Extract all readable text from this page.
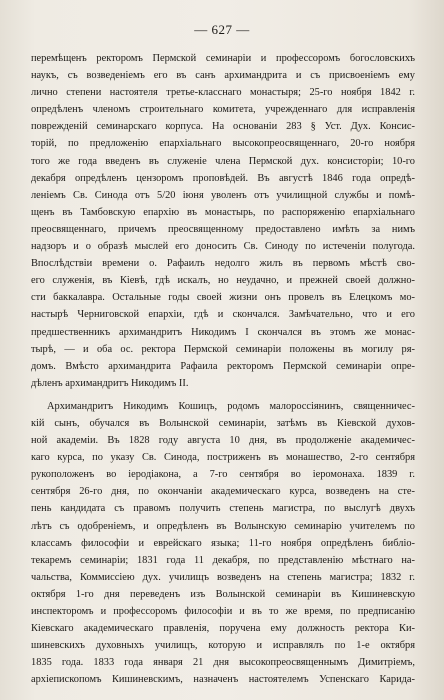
— 627 —
перемѣщенъ ректоромъ Пермской семинаріи и профессоромъ богословскихъ
наукъ, съ возведеніемъ его въ санъ архимандрита и съ присвоеніемъ ему
лично степени настоятеля третье-класснаго монастыря; 25-го ноября 1842 г.
опредѣленъ членомъ строительнаго комитета, учрежденнаго для исправленія
поврежденій семинарскаго корпуса. На основаніи 283 § Уст. Дух. Консис-
торій, по предложенію епархіальнаго высокопреосвященнаго, 20-го ноября
того же года введенъ въ служеніе члена Пермской дух. консисторіи; 10-го
декабря опредѣленъ цензоромъ проповѣдей. Въ августѣ 1846 года опредѣ-
леніемъ Св. Синода отъ 5/20 іюня уволенъ отъ училищной службы и помѣ-
щенъ въ Тамбовскую епархію въ монастырь, по распоряженію епархіальнаго
преосвященнаго, причемъ преосвященному предоставлено имѣть за нимъ
надзоръ и о образѣ мыслей его доносить Св. Синоду по истеченіи полугода.
Впослѣдствіи времени о. Рафаилъ недолго жилъ въ первомъ мѣстѣ сво-
его служенія, въ Кіевѣ, гдѣ искалъ, но неудачно, и прежней своей должно-
сти баккалавра. Остальные годы своей жизни онъ провелъ въ Елецкомъ мо-
настырѣ Черниговской епархіи, гдѣ и скончался. Замѣчательно, что и его
предшественникъ архимандритъ Никодимъ I скончался въ этомъ же монас-
тырѣ, — и оба ос. ректора Пермской семинаріи положены въ могилу ря-
домъ. Вмѣсто архимандрита Рафаила ректоромъ Пермской семинаріи опре-
дѣленъ архимандритъ Никодимъ II.
Архимандритъ Никодимъ Кошицъ, родомъ малороссіянинъ, священничес-
кій сынъ, обучался въ Волынской семинаріи, затѣмъ въ Кіевской духов-
ной академіи. Въ 1828 году августа 10 дня, въ продолженіе академичес-
каго курса, по указу Св. Синода, постриженъ въ монашество, 2-го сентября
рукоположенъ во іеродіакона, а 7-го сентября во іеромонаха. 1839 г.
сентября 26-го дня, по окончаніи академическаго курса, возведенъ на сте-
пень кандидата съ правомъ получить степень магистра, по выслугѣ двухъ
лѣтъ съ одобреніемъ, и опредѣленъ въ Волынскую семинарію учителемъ по
классамъ философіи и еврейскаго языка; 11-го ноября опредѣленъ библіо-
текаремъ семинаріи; 1831 года 11 декабря, по представленію мѣстнаго на-
чальства, Коммиссіею дух. училищъ возведенъ на степень магистра; 1832 г.
октября 1-го дня переведенъ изъ Волынской семинаріи въ Кишиневскую
инспекторомъ и профессоромъ философіи и въ то же время, по предписанію
Кіевскаго академическаго правленія, поручена ему должность ректора Ки-
шиневскихъ духовныхъ училищъ, которую и исправлялъ по 1-е октября
1835 года. 1833 года января 21 дня высокопреосвященнымъ Димитріемъ,
архіепископомъ Кишиневскимъ, назначенъ настоятелемъ Успенскаго Карида-
